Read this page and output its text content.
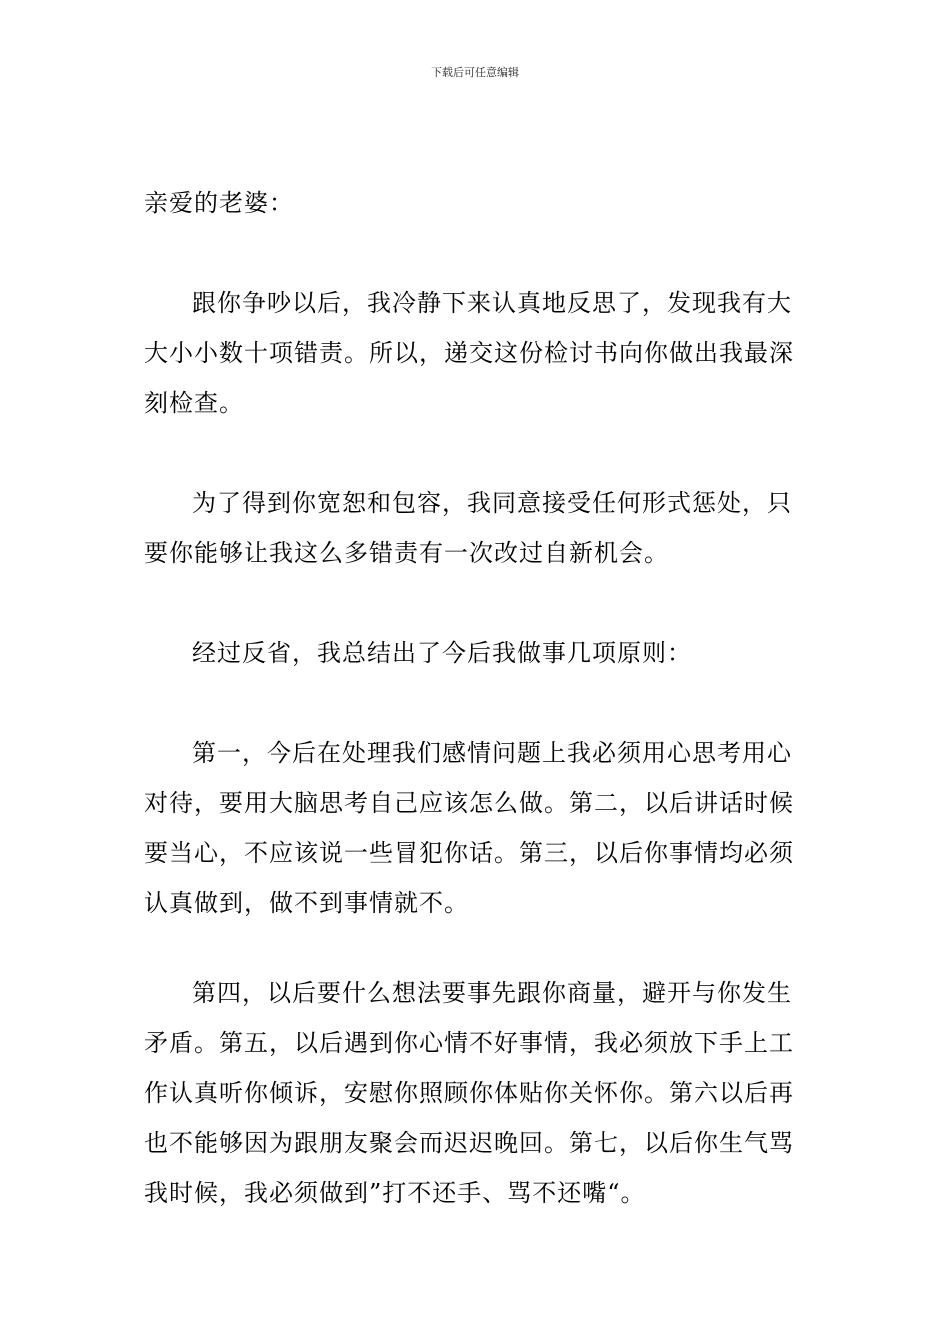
下载后可任意编辑
亲爱的老婆：

跟你争吵以后，我冷静下来认真地反思了，发现我有大大小小数十项错责。所以，递交这份检讨书向你做出我最深刻检查。

为了得到你宽恕和包容，我同意接受任何形式惩处，只要你能够让我这么多错责有一次改过自新机会。

经过反省，我总结出了今后我做事几项原则：

第一，今后在处理我们感情问题上我必须用心思考用心对待，要用大脑思考自己应该怎么做。第二，以后讲话时候要当心，不应该说一些冒犯你话。第三，以后你事情均必须认真做到，做不到事情就不。

第四，以后要什么想法要事先跟你商量，避开与你发生矛盾。第五，以后遇到你心情不好事情，我必须放下手上工作认真听你倾诉，安慰你照顾你体贴你关怀你。第六以后再也不能够因为跟朋友聚会而迟迟晚回。第七，以后你生气骂我时候，我必须做到”打不还手、骂不还嘴“。
